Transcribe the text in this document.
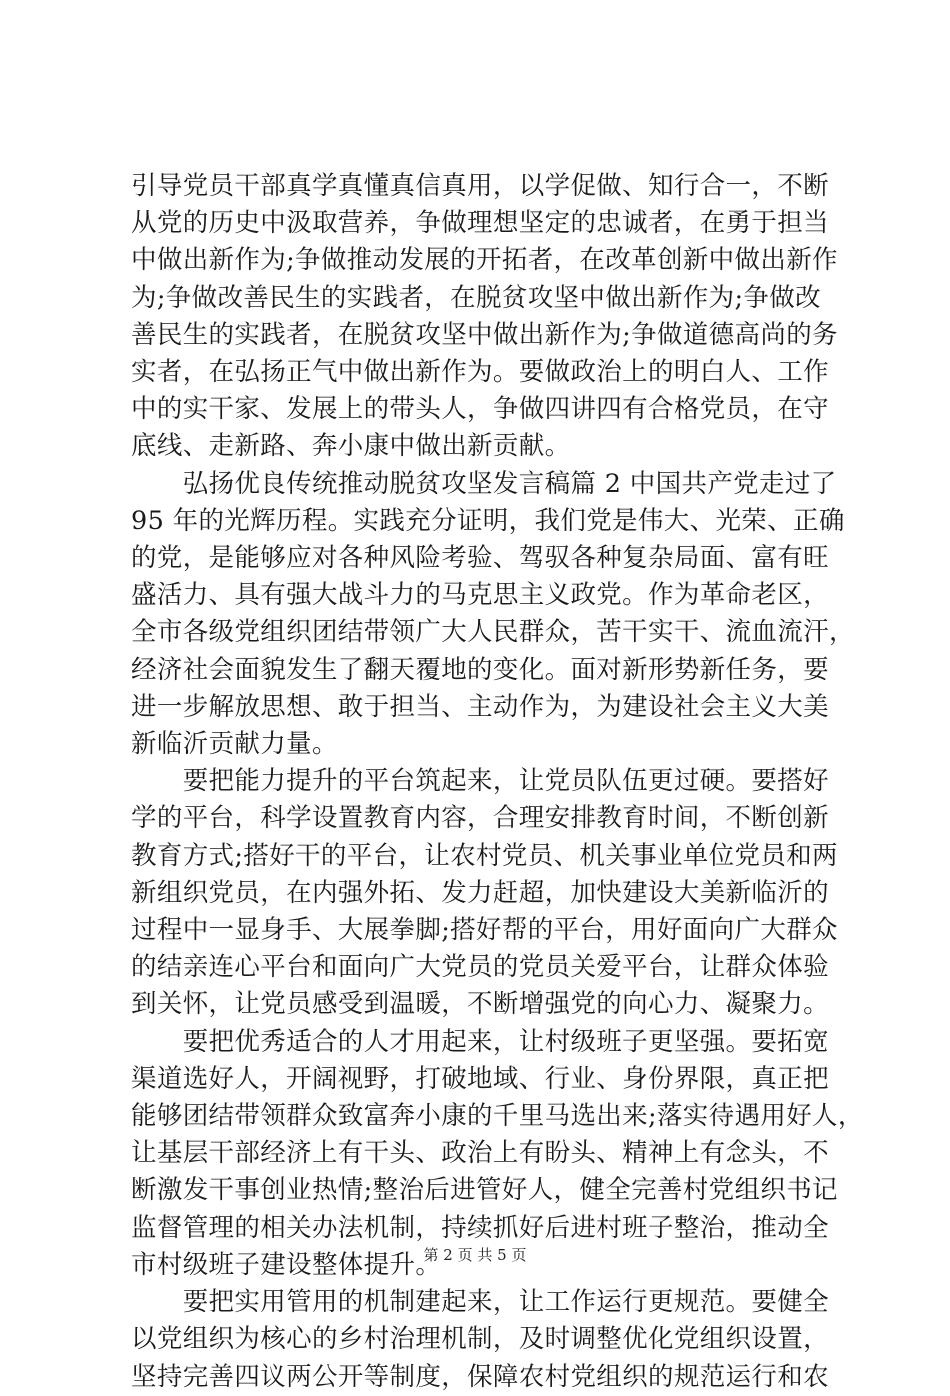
引导党员干部真学真懂真信真用，以学促做、知行合一，不断
从党的历史中汲取营养，争做理想坚定的忠诚者，在勇于担当
中做出新作为;争做推动发展的开拓者，在改革创新中做出新作
为;争做改善民生的实践者，在脱贫攻坚中做出新作为;争做改
善民生的实践者，在脱贫攻坚中做出新作为;争做道德高尚的务
实者，在弘扬正气中做出新作为。要做政治上的明白人、工作
中的实干家、发展上的带头人，争做四讲四有合格党员，在守
底线、走新路、奔小康中做出新贡献。

　　弘扬优良传统推动脱贫攻坚发言稿篇 2 中国共产党走过了
95 年的光辉历程。实践充分证明，我们党是伟大、光荣、正确
的党，是能够应对各种风险考验、驾驭各种复杂局面、富有旺
盛活力、具有强大战斗力的马克思主义政党。作为革命老区，
全市各级党组织团结带领广大人民群众，苦干实干、流血流汗，
经济社会面貌发生了翻天覆地的变化。面对新形势新任务，要
进一步解放思想、敢于担当、主动作为，为建设社会主义大美
新临沂贡献力量。

　　要把能力提升的平台筑起来，让党员队伍更过硬。要搭好
学的平台，科学设置教育内容，合理安排教育时间，不断创新
教育方式;搭好干的平台，让农村党员、机关事业单位党员和两
新组织党员，在内强外拓、发力赶超，加快建设大美新临沂的
过程中一显身手、大展拳脚;搭好帮的平台，用好面向广大群众
的结亲连心平台和面向广大党员的党员关爱平台，让群众体验
到关怀，让党员感受到温暖，不断增强党的向心力、凝聚力。

　　要把优秀适合的人才用起来，让村级班子更坚强。要拓宽
渠道选好人，开阔视野，打破地域、行业、身份界限，真正把
能够团结带领群众致富奔小康的千里马选出来;落实待遇用好人，
让基层干部经济上有干头、政治上有盼头、精神上有念头，不
断激发干事创业热情;整治后进管好人，健全完善村党组织书记
监督管理的相关办法机制，持续抓好后进村班子整治，推动全
市村级班子建设整体提升。

　　要把实用管用的机制建起来，让工作运行更规范。要健全
以党组织为核心的乡村治理机制，及时调整优化党组织设置，
坚持完善四议两公开等制度，保障农村党组织的规范运行和农

第 2 页 共 5 页
